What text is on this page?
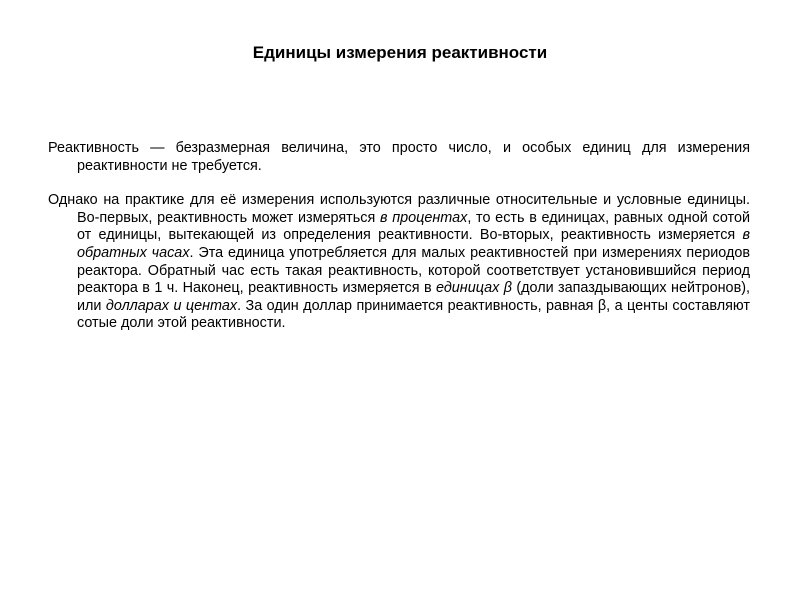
Единицы измерения реактивности

Реактивность — безразмерная величина, это просто число, и особых единиц для измерения реактивности не требуется.

Однако на практике для её измерения используются различные относительные и условные единицы. Во-первых, реактивность может измеряться в процентах, то есть в единицах, равных одной сотой от единицы, вытекающей из определения реактивности. Во-вторых, реактивность измеряется в обратных часах. Эта единица употребляется для малых реактивностей при измерениях периодов реактора. Обратный час есть такая реактивность, которой соответствует установившийся период реактора в 1 ч. Наконец, реактивность измеряется в единицах β (доли запаздывающих нейтронов), или долларах и центах. За один доллар принимается реактивность, равная β, а центы составляют сотые доли этой реактивности.
